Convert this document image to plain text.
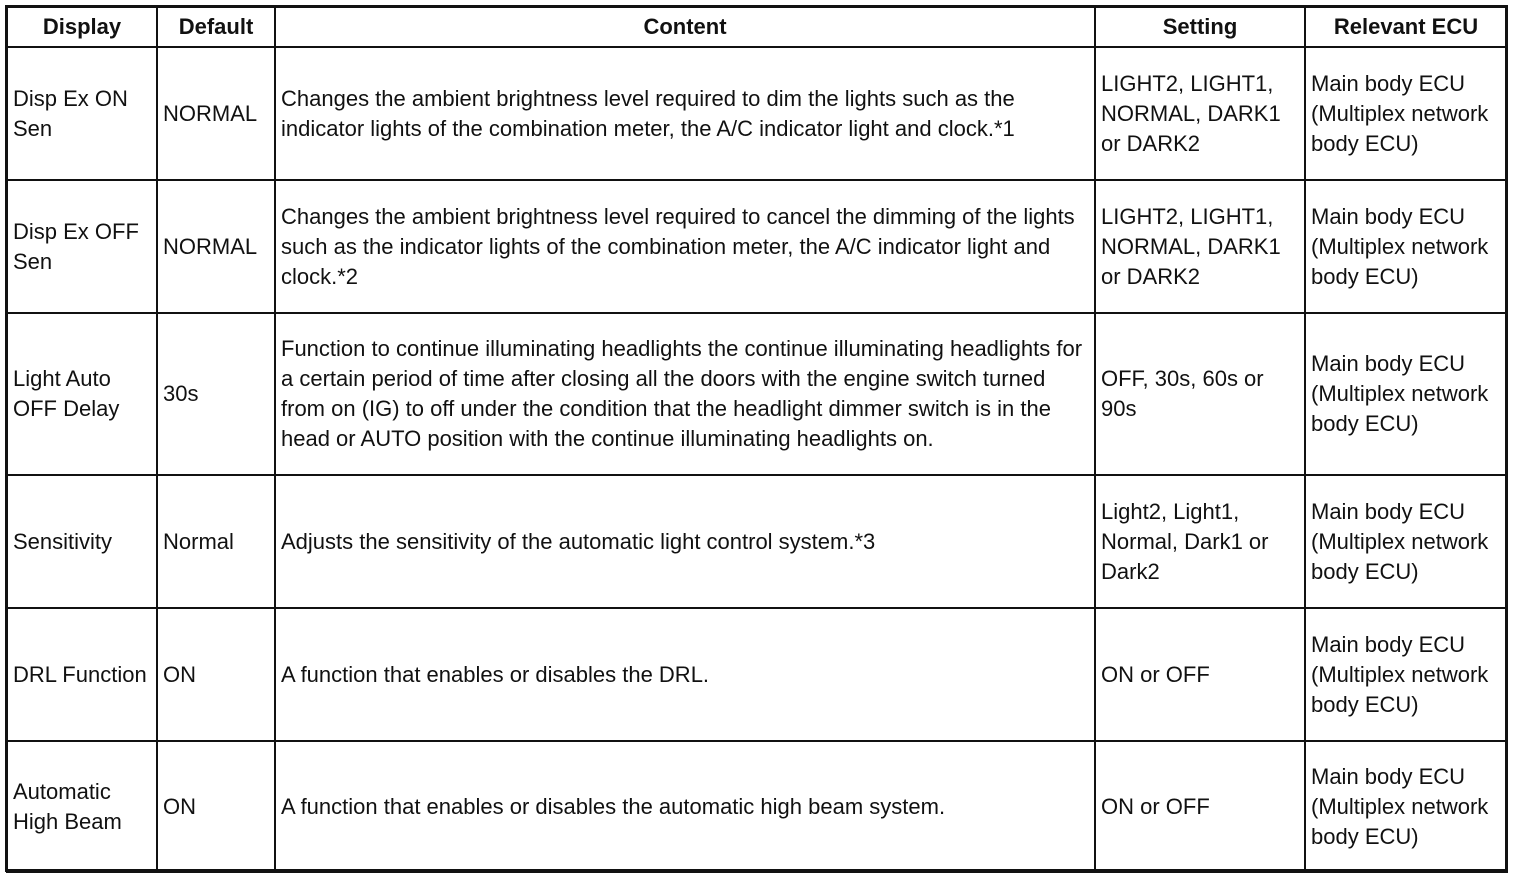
Display	Default	Content	Setting	Relevant ECU
Disp Ex ON Sen	NORMAL	Changes the ambient brightness level required to dim the lights such as the indicator lights of the combination meter, the A/C indicator light and clock.*1	LIGHT2, LIGHT1, NORMAL, DARK1 or DARK2	Main body ECU (Multiplex network body ECU)
Disp Ex OFF Sen	NORMAL	Changes the ambient brightness level required to cancel the dimming of the lights such as the indicator lights of the combination meter, the A/C indicator light and clock.*2	LIGHT2, LIGHT1, NORMAL, DARK1 or DARK2	Main body ECU (Multiplex network body ECU)
Light Auto OFF Delay	30s	Function to continue illuminating headlights the continue illuminating headlights for a certain period of time after closing all the doors with the engine switch turned from on (IG) to off under the condition that the headlight dimmer switch is in the head or AUTO position with the continue illuminating headlights on.	OFF, 30s, 60s or 90s	Main body ECU (Multiplex network body ECU)
Sensitivity	Normal	Adjusts the sensitivity of the automatic light control system.*3	Light2, Light1, Normal, Dark1 or Dark2	Main body ECU (Multiplex network body ECU)
DRL Function	ON	A function that enables or disables the DRL.	ON or OFF	Main body ECU (Multiplex network body ECU)
Automatic High Beam	ON	A function that enables or disables the automatic high beam system.	ON or OFF	Main body ECU (Multiplex network body ECU)
